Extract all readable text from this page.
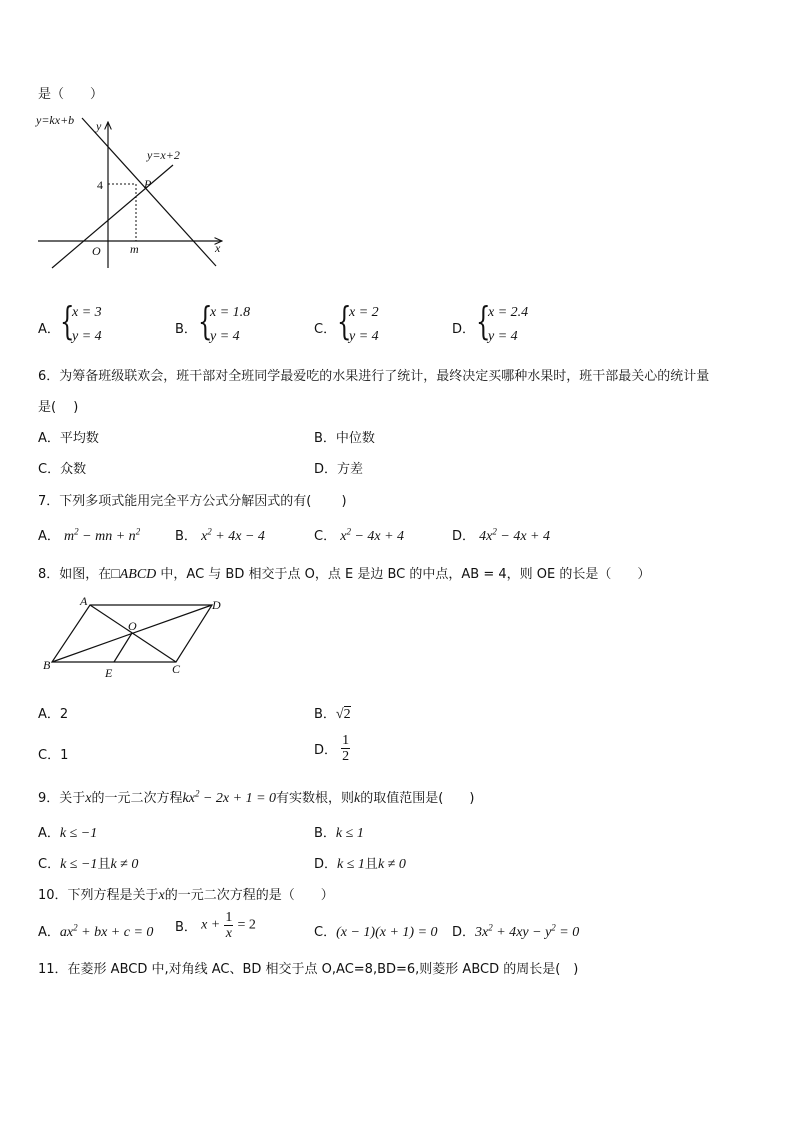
是（　　）
y=kx+b
y=x+2
y
x
O
P
4
m
A． {
x = 3
y = 4	B． {
x = 1.8
y = 4	C． {
x = 2
y = 4	D． {
x = 2.4
y = 4
6．为筹备班级联欢会，班干部对全班同学最爱吃的水果进行了统计，最终决定买哪种水果时，班干部最关心的统计量
是(　 )
A．平均数	B．中位数
C．众数	D．方差
7．下列多项式能用完全平方公式分解因式的有(　　 )
A． $m^2$ − mn + $n^2$	B． $x^2 + 4x - 4$	C． $x^2 - 4x + 4$	D． $4x^2 - 4x + 4$
8．如图，在□ABCD 中，AC 与 BD 相交于点 O，点 E 是边 BC 的中点，AB = 4，则 OE 的长是（　　）
A	D
O
B	C
E
A．2	B．√2
C．1	D． $\frac{1}{2}$
9．关于x的一元二次方程$kx^2 - 2x + 1 = 0$有实数根，则k的取值范围是(　　)
A．k ≤ −1	B．k ≤ 1
C．k ≤ −1且k ≠ 0	D．k ≤ 1且k ≠ 0
10．下列方程是关于x的一元二次方程的是（　　）
A．$ax^2$ + bx + c = 0 B． $x + \frac{1}{x} = 2$	C．(x − 1)(x + 1) = 0 D．$3x^2 + 4xy - y^2 = 0$
11．在菱形 ABCD 中,对角线 AC、BD 相交于点 O,AC=8,BD=6,则菱形 ABCD 的周长是(　)
